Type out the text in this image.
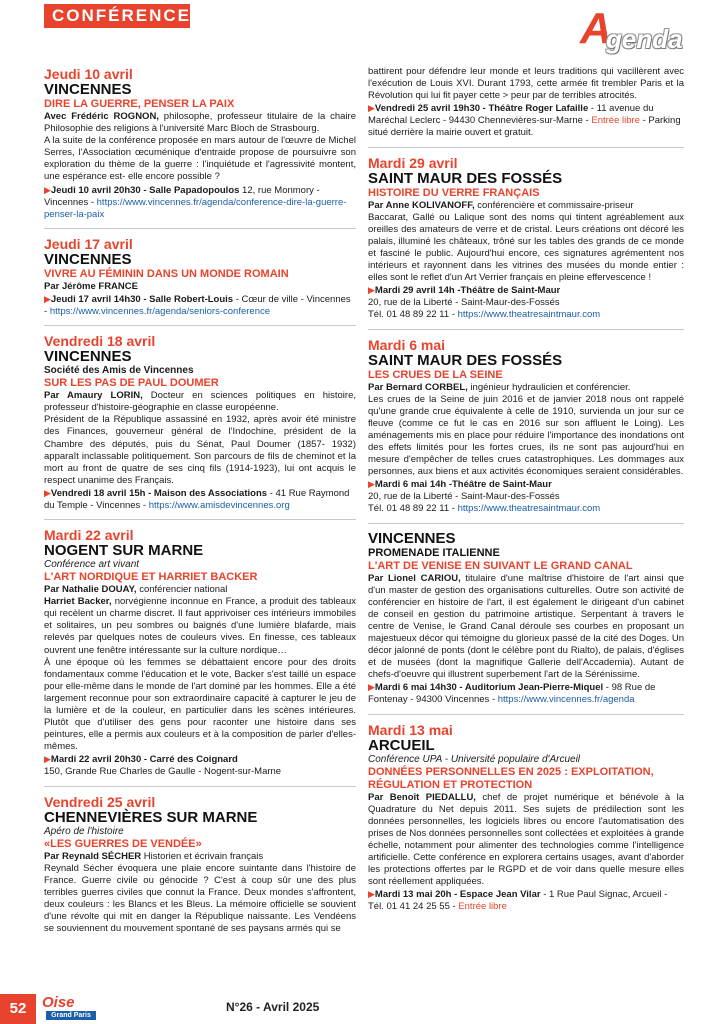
CONFÉRENCES	A
genda

Jeudi 10 avril

VINCENNES

DIRE LA GUERRE, PENSER LA PAIX

Avec Frédéric ROGNON, philosophe, professeur titulaire de la chaire Philosophie des religions à l'université Marc Bloch de Strasbourg.

A la suite de la conférence proposée en mars autour de l'œuvre de Michel Serres, l'Association œcuménique d'entraide propose de poursuivre son exploration du thème de la guerre : l'inquiétude et l'agressivité montent, une espérance est- elle encore possible ?

▶Jeudi 10 avril 20h30 - Salle Papadopoulos 12, rue Monmory - Vincennes - https://www.vincennes.fr/agenda/conference-dire-la-guerre-penser-la-paix

Jeudi 17 avril

VINCENNES

VIVRE AU FÉMININ DANS UN MONDE ROMAIN

Par Jérôme FRANCE

▶Jeudi 17 avril 14h30 - Salle Robert-Louis - Cœur de ville - Vincennes - https://www.vincennes.fr/agenda/seniors-conference

Vendredi 18 avril

VINCENNES

Société des Amis de Vincennes

SUR LES PAS DE PAUL DOUMER

Par Amaury LORIN, Docteur en sciences politiques en histoire, professeur d'histoire-géographie en classe européenne.

Président de la République assassiné en 1932, après avoir été ministre des Finances, gouverneur général de l'Indochine, président de la Chambre des députés, puis du Sénat, Paul Doumer (1857- 1932) apparaît inclassable politiquement. Son parcours de fils de cheminot et la mort au front de quatre de ses cinq fils (1914-1923), lui ont acquis le respect unanime des Français.

▶Vendredi 18 avril 15h - Maison des Associations - 41 Rue Raymond du Temple - Vincennes - https://www.amisdevincennes.org

Mardi 22 avril

NOGENT SUR MARNE

Conférence art vivant

L'ART NORDIQUE ET HARRIET BACKER

Par Nathalie DOUAY, conférencier national

Harriet Backer, norvégienne inconnue en France, a produit des tableaux qui recèlent un charme discret. Il faut apprivoiser ces intérieurs immobiles et solitaires, un peu sombres ou baignés d'une lumière blafarde, mais relevés par quelques notes de couleurs vives. En finesse, ces tableaux ouvrent une fenêtre intéressante sur la culture nordique…

À une époque où les femmes se débattaient encore pour des droits fondamentaux comme l'éducation et le vote, Backer s'est taillé un espace pour elle-même dans le monde de l'art dominé par les hommes. Elle a été largement reconnue pour son extraordinaire capacité à capturer le jeu de la lumière et de la couleur, en particulier dans les scènes intérieures. Plutôt que d'utiliser des gens pour raconter une histoire dans ses peintures, elle a permis aux couleurs et à la composition de parler d'elles-mêmes.

▶Mardi 22 avril 20h30 - Carré des Coignard

150, Grande Rue Charles de Gaulle - Nogent-sur-Marne

Vendredi 25 avril

CHENNEVIÈRES SUR MARNE

Apéro de l'histoire

«LES GUERRES DE VENDÉE»

Par Reynald SÉCHER Historien et écrivain français

Reynald Sécher évoquera une plaie encore suintante dans l'histoire de France. Guerre civile ou génocide ? C'est à coup sûr une des plus terribles guerres civiles que connut la France. Deux mondes s'affrontent, deux couleurs : les Blancs et les Bleus. La mémoire officielle se souvient d'une révolte qui mit en danger la République naissante. Les Vendéens se souviennent du mouvement spontané de ses paysans armés qui se

battirent pour défendre leur monde et leurs traditions qui vacillèrent avec l'exécution de Louis XVI. Durant 1793, cette armée fit trembler Paris et la Révolution qui lui fit payer cette > peur par de terribles atrocités.

▶Vendredi 25 avril 19h30 - Théâtre Roger Lafaille - 11 avenue du Maréchal Leclerc - 94430 Chennevières-sur-Marne - Entrée libre - Parking situé derrière la mairie ouvert et gratuit.

Mardi 29 avril

SAINT MAUR DES FOSSÉS

HISTOIRE DU VERRE FRANÇAIS

Par Anne KOLIVANOFF, conférencière et commissaire-priseur

Baccarat, Gallé ou Lalique sont des noms qui tintent agréablement aux oreilles des amateurs de verre et de cristal. Leurs créations ont décoré les palais, illuminé les châteaux, trôné sur les tables des grands de ce monde et fasciné le public. Aujourd'hui encore, ces signatures agrémentent nos intérieurs et rayonnent dans les vitrines des musées du monde entier : elles sont le reflet d'un Art Verrier français en pleine effervescence !

▶Mardi 29 avril 14h -Théâtre de Saint-Maur

20, rue de la Liberté - Saint-Maur-des-Fossés

Tél. 01 48 89 22 11 - https://www.theatresaintmaur.com

Mardi 6 mai

SAINT MAUR DES FOSSÉS

LES CRUES DE LA SEINE

Par Bernard CORBEL, ingénieur hydraulicien et conférencier.

Les crues de la Seine de juin 2016 et de janvier 2018 nous ont rappelé qu'une grande crue équivalente à celle de 1910, survienda un jour sur ce fleuve (comme ce fut le cas en 2016 sur son affluent le Loing). Les aménagements mis en place pour réduire l'importance des inondations ont des effets limités pour les fortes crues, ils ne sont pas aujourd'hui en mesure d'empêcher de telles crues catastrophiques. Les dommages aux personnes, aux biens et aux activités économiques seraient considérables.

▶Mardi 6 mai 14h -Théâtre de Saint-Maur

20, rue de la Liberté - Saint-Maur-des-Fossés

Tél. 01 48 89 22 11 - https://www.theatresaintmaur.com

VINCENNES

PROMENADE ITALIENNE

L'ART DE VENISE EN SUIVANT LE GRAND CANAL

Par Lionel CARIOU, titulaire d'une maîtrise d'histoire de l'art ainsi que d'un master de gestion des organisations culturelles. Outre son activité de conférencier en histoire de l'art, il est également le dirigeant d'un cabinet de conseil en gestion du patrimoine artistique. Serpentant à travers le centre de Venise, le Grand Canal déroule ses courbes en proposant un majestueux décor qui témoigne du glorieux passé de la cité des Doges. Un décor jalonné de ponts (dont le célèbre pont du Rialto), de palais, d'églises et de musées (dont la magnifique Gallerie dell'Accademia). Autant de chefs-d'oeuvre qui illustrent superbement l'art de la Sérénissime.

▶Mardi 6 mai 14h30 - Auditorium Jean-Pierre-Miquel - 98 Rue de Fontenay - 94300 Vincennes - https://www.vincennes.fr/agenda

Mardi 13 mai

ARCUEIL

Conférence UPA - Université populaire d'Arcueil

DONNÉES PERSONNELLES EN 2025 : EXPLOITATION, RÉGULATION ET PROTECTION

Par Benoît PIEDALLU, chef de projet numérique et bénévole à la Quadrature du Net depuis 2011. Ses sujets de prédilection sont les données personnelles, les logiciels libres ou encore l'automatisation des prises de Nos données personnelles sont collectées et exploitées à grande échelle, notamment pour alimenter des technologies comme l'intelligence artificielle. Cette conférence en explorera certains usages, avant d'aborder les protections offertes par le RGPD et de voir dans quelle mesure elles sont réellement appliquées.

▶Mardi 13 mai 20h - Espace Jean Vilar - 1 Rue Paul Signac, Arcueil -

Tél. 01 41 24 25 55 - Entrée libre

52	Oise
Grand Paris
N°26 - Avril 2025
